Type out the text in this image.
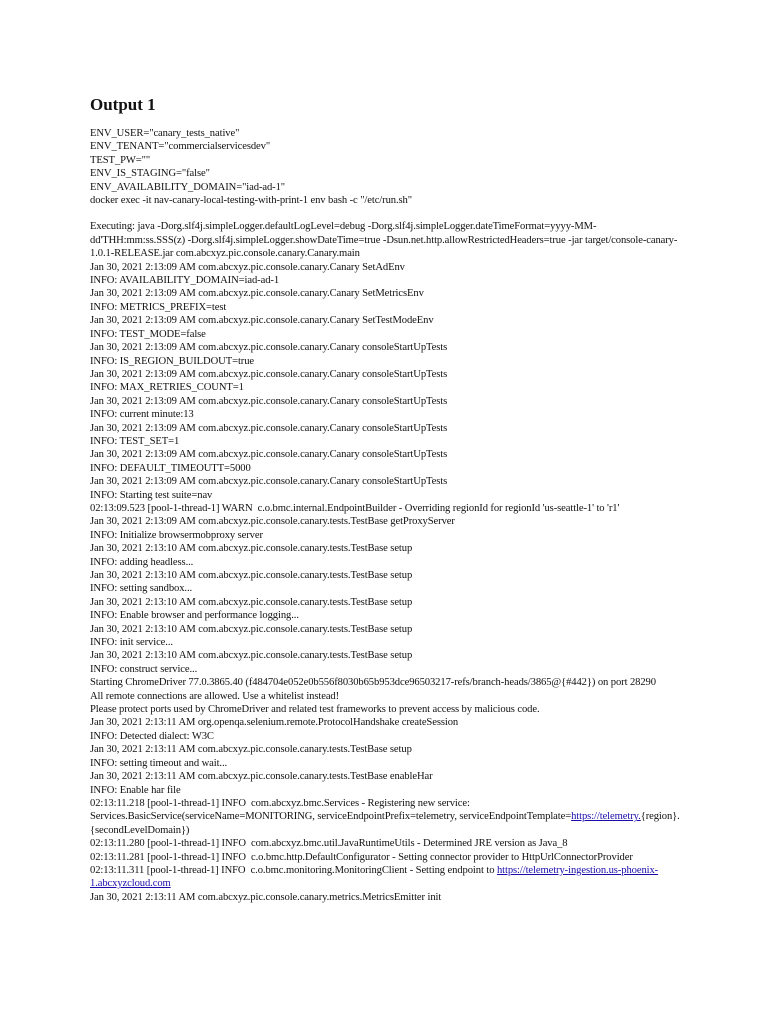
Output 1
ENV_USER="canary_tests_native"
ENV_TENANT="commercialservicesdev"
TEST_PW=""
ENV_IS_STAGING="false"
ENV_AVAILABILITY_DOMAIN="iad-ad-1"
docker exec -it nav-canary-local-testing-with-print-1 env bash -c "/etc/run.sh"
Executing: java -Dorg.slf4j.simpleLogger.defaultLogLevel=debug -Dorg.slf4j.simpleLogger.dateTimeFormat=yyyy-MM-dd'THH:mm:ss.SSS(z) -Dorg.slf4j.simpleLogger.showDateTime=true -Dsun.net.http.allowRestrictedHeaders=true -jar target/console-canary-1.0.1-RELEASE.jar com.abcxyz.pic.console.canary.Canary.main
Jan 30, 2021 2:13:09 AM com.abcxyz.pic.console.canary.Canary SetAdEnv
INFO: AVAILABILITY_DOMAIN=iad-ad-1
Jan 30, 2021 2:13:09 AM com.abcxyz.pic.console.canary.Canary SetMetricsEnv
INFO: METRICS_PREFIX=test
Jan 30, 2021 2:13:09 AM com.abcxyz.pic.console.canary.Canary SetTestModeEnv
INFO: TEST_MODE=false
Jan 30, 2021 2:13:09 AM com.abcxyz.pic.console.canary.Canary consoleStartUpTests
INFO: IS_REGION_BUILDOUT=true
Jan 30, 2021 2:13:09 AM com.abcxyz.pic.console.canary.Canary consoleStartUpTests
INFO: MAX_RETRIES_COUNT=1
Jan 30, 2021 2:13:09 AM com.abcxyz.pic.console.canary.Canary consoleStartUpTests
INFO: current minute:13
Jan 30, 2021 2:13:09 AM com.abcxyz.pic.console.canary.Canary consoleStartUpTests
INFO: TEST_SET=1
Jan 30, 2021 2:13:09 AM com.abcxyz.pic.console.canary.Canary consoleStartUpTests
INFO: DEFAULT_TIMEOUTT=5000
Jan 30, 2021 2:13:09 AM com.abcxyz.pic.console.canary.Canary consoleStartUpTests
INFO: Starting test suite=nav
02:13:09.523 [pool-1-thread-1] WARN  c.o.bmc.internal.EndpointBuilder - Overriding regionId for regionId 'us-seattle-1' to 'r1'
Jan 30, 2021 2:13:09 AM com.abcxyz.pic.console.canary.tests.TestBase getProxyServer
INFO: Initialize browsermobproxy server
Jan 30, 2021 2:13:10 AM com.abcxyz.pic.console.canary.tests.TestBase setup
INFO: adding headless...
Jan 30, 2021 2:13:10 AM com.abcxyz.pic.console.canary.tests.TestBase setup
INFO: setting sandbox...
Jan 30, 2021 2:13:10 AM com.abcxyz.pic.console.canary.tests.TestBase setup
INFO: Enable browser and performance logging...
Jan 30, 2021 2:13:10 AM com.abcxyz.pic.console.canary.tests.TestBase setup
INFO: init service...
Jan 30, 2021 2:13:10 AM com.abcxyz.pic.console.canary.tests.TestBase setup
INFO: construct service...
Starting ChromeDriver 77.0.3865.40 (f484704e052e0b556f8030b65b953dce96503217-refs/branch-heads/3865@{#442}) on port 28290
All remote connections are allowed. Use a whitelist instead!
Please protect ports used by ChromeDriver and related test frameworks to prevent access by malicious code.
Jan 30, 2021 2:13:11 AM org.openqa.selenium.remote.ProtocolHandshake createSession
INFO: Detected dialect: W3C
Jan 30, 2021 2:13:11 AM com.abcxyz.pic.console.canary.tests.TestBase setup
INFO: setting timeout and wait...
Jan 30, 2021 2:13:11 AM com.abcxyz.pic.console.canary.tests.TestBase enableHar
INFO: Enable har file
02:13:11.218 [pool-1-thread-1] INFO  com.abcxyz.bmc.Services - Registering new service: Services.BasicService(serviceName=MONITORING, serviceEndpointPrefix=telemetry, serviceEndpointTemplate=https://telemetry.{region}.{secondLevelDomain})
02:13:11.280 [pool-1-thread-1] INFO  com.abcxyz.bmc.util.JavaRuntimeUtils - Determined JRE version as Java_8
02:13:11.281 [pool-1-thread-1] INFO  c.o.bmc.http.DefaultConfigurator - Setting connector provider to HttpUrlConnectorProvider
02:13:11.311 [pool-1-thread-1] INFO  c.o.bmc.monitoring.MonitoringClient - Setting endpoint to https://telemetry-ingestion.us-phoenix-1.abcxyzcloud.com
Jan 30, 2021 2:13:11 AM com.abcxyz.pic.console.canary.metrics.MetricsEmitter init
